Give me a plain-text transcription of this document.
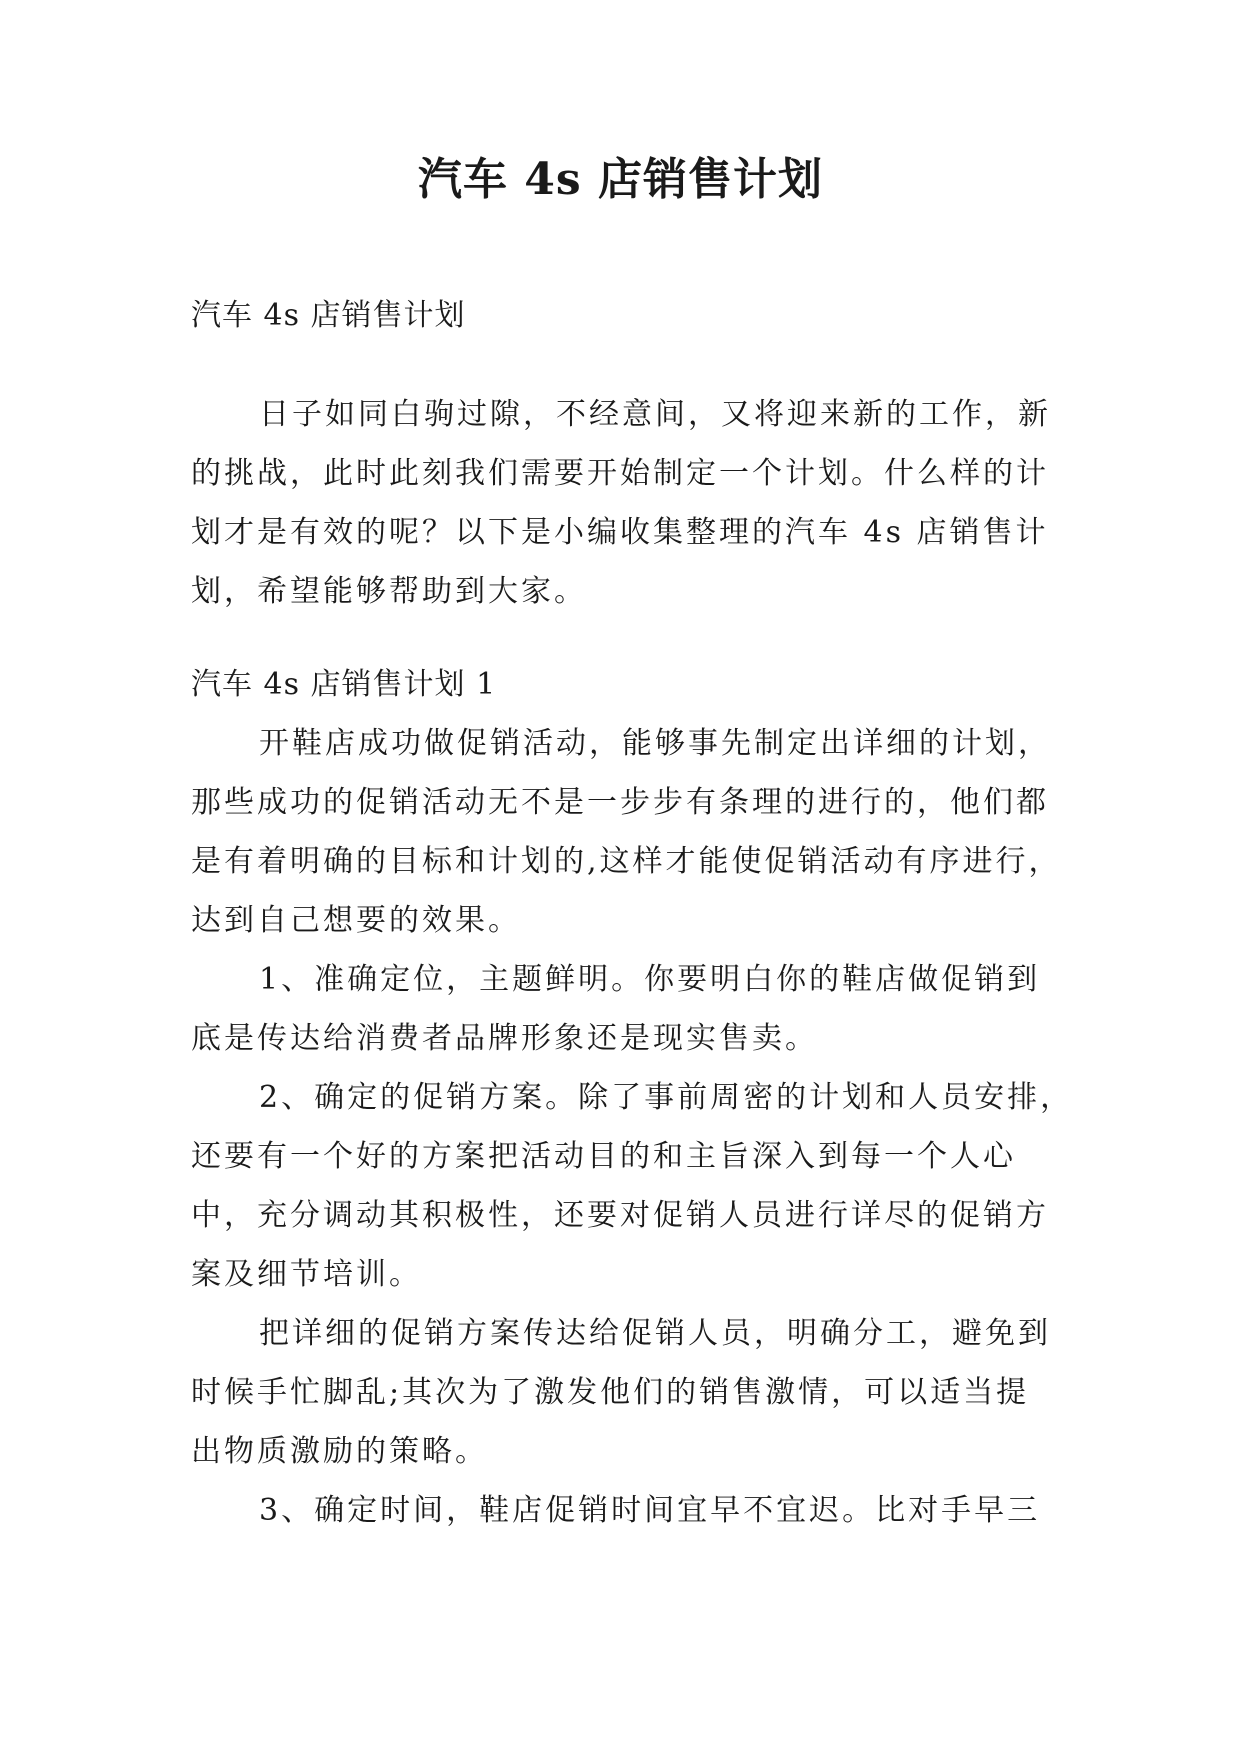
汽车 4s 店销售计划

汽车 4s 店销售计划

日子如同白驹过隙，不经意间，又将迎来新的工作，新

的挑战，此时此刻我们需要开始制定一个计划。什么样的计

划才是有效的呢？以下是小编收集整理的汽车 4s 店销售计

划，希望能够帮助到大家。

汽车 4s 店销售计划 1

开鞋店成功做促销活动，能够事先制定出详细的计划，

那些成功的促销活动无不是一步步有条理的进行的，他们都

是有着明确的目标和计划的,这样才能使促销活动有序进行，

达到自己想要的效果。

1、准确定位，主题鲜明。你要明白你的鞋店做促销到

底是传达给消费者品牌形象还是现实售卖。

2、确定的促销方案。除了事前周密的计划和人员安排，

还要有一个好的方案把活动目的和主旨深入到每一个人心

中，充分调动其积极性，还要对促销人员进行详尽的促销方

案及细节培训。

把详细的促销方案传达给促销人员，明确分工，避免到

时候手忙脚乱;其次为了激发他们的销售激情，可以适当提

出物质激励的策略。

3、确定时间，鞋店促销时间宜早不宜迟。比对手早三
